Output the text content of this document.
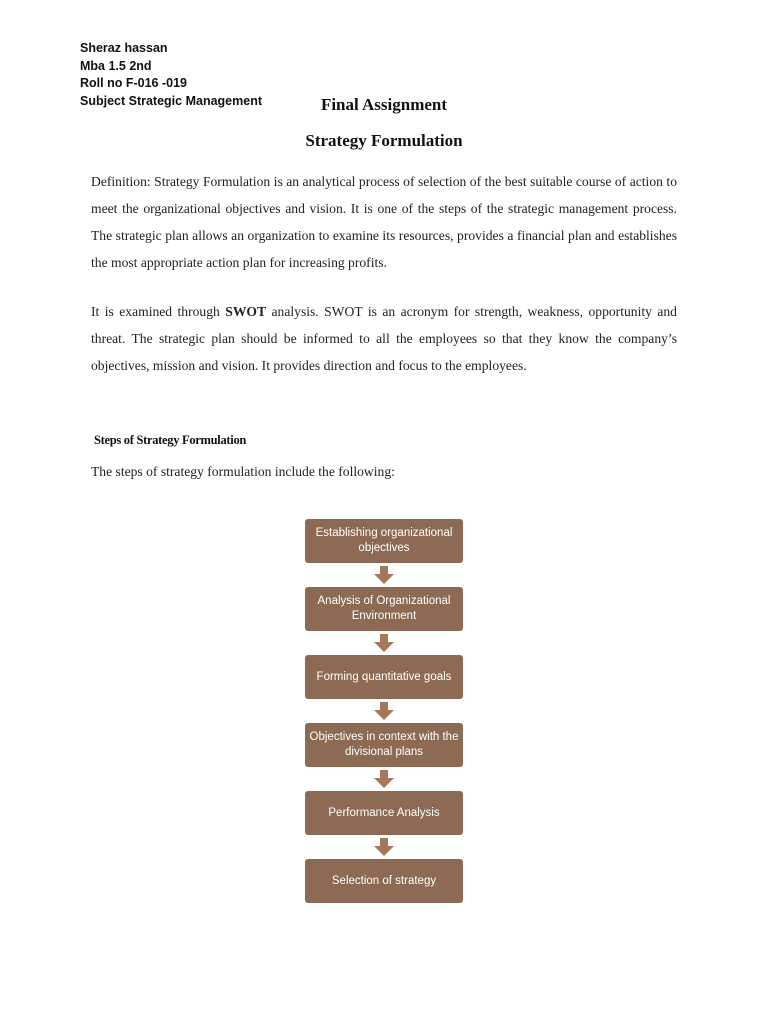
Sheraz hassan
Mba 1.5 2nd
Roll no F-016 -019
Subject Strategic Management	Final Assignment
Strategy Formulation
Definition: Strategy Formulation is an analytical process of selection of the best suitable course of action to meet the organizational objectives and vision. It is one of the steps of the strategic management process. The strategic plan allows an organization to examine its resources, provides a financial plan and establishes the most appropriate action plan for increasing profits.
It is examined through SWOT analysis. SWOT is an acronym for strength, weakness, opportunity and threat. The strategic plan should be informed to all the employees so that they know the company’s objectives, mission and vision. It provides direction and focus to the employees.
Steps of Strategy Formulation
The steps of strategy formulation include the following:
Establishing organizational objectives
Analysis of Organizational Environment
Forming quantitative goals
Objectives in context with the divisional plans
Performance Analysis
Selection of strategy
